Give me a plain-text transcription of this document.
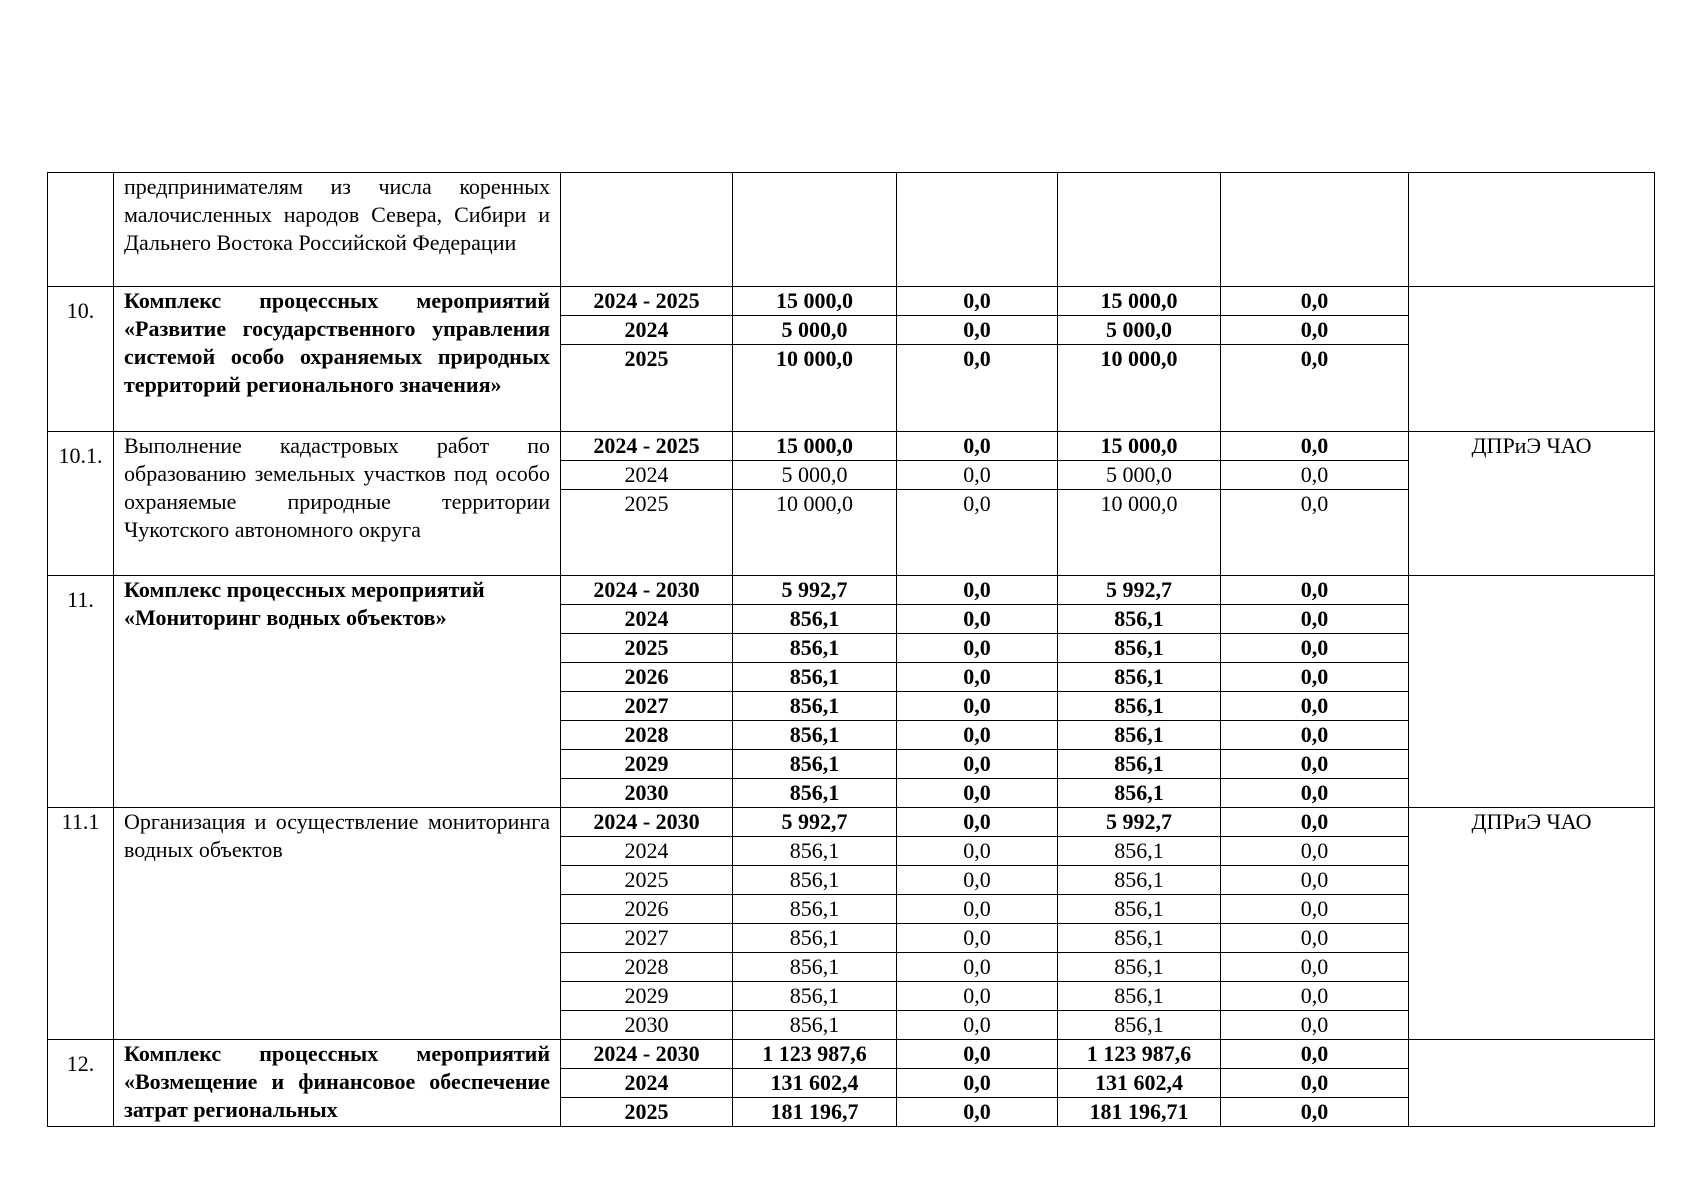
	предпринимателям из числа коренных малочисленных народов Севера, Сибири и Дальнего Востока Российской Федерации						
10.	Комплекс процессных мероприятий «Развитие государственного управления системой особо охраняемых природных территорий регионального значения»	2024 - 2025	15 000,0	0,0	15 000,0	0,0	
		2024	5 000,0	0,0	5 000,0	0,0	
		2025	10 000,0	0,0	10 000,0	0,0	

10.1.	Выполнение кадастровых работ по образованию земельных участков под особо охраняемые природные территории Чукотского автономного округа	2024 - 2025	15 000,0	0,0	15 000,0	0,0	ДПРиЭ ЧАО
		2024	5 000,0	0,0	5 000,0	0,0	
		2025	10 000,0	0,0	10 000,0	0,0	

11.	Комплекс процессных мероприятий «Мониторинг водных объектов»	2024 - 2030	5 992,7	0,0	5 992,7	0,0	
		2024	856,1	0,0	856,1	0,0	
		2025	856,1	0,0	856,1	0,0	
		2026	856,1	0,0	856,1	0,0	
		2027	856,1	0,0	856,1	0,0	
		2028	856,1	0,0	856,1	0,0	
		2029	856,1	0,0	856,1	0,0	
		2030	856,1	0,0	856,1	0,0	
11.1	Организация и осуществление мониторинга водных объектов	2024 - 2030	5 992,7	0,0	5 992,7	0,0	ДПРиЭ ЧАО
		2024	856,1	0,0	856,1	0,0	
		2025	856,1	0,0	856,1	0,0	
		2026	856,1	0,0	856,1	0,0	
		2027	856,1	0,0	856,1	0,0	
		2028	856,1	0,0	856,1	0,0	
		2029	856,1	0,0	856,1	0,0	
		2030	856,1	0,0	856,1	0,0	
12.	Комплекс процессных мероприятий «Возмещение и финансовое обеспечение затрат региональных	2024 - 2030	1 123 987,6	0,0	1 123 987,6	0,0	
		2024	131 602,4	0,0	131 602,4	0,0	
		2025	181 196,7	0,0	181 196,71	0,0	
